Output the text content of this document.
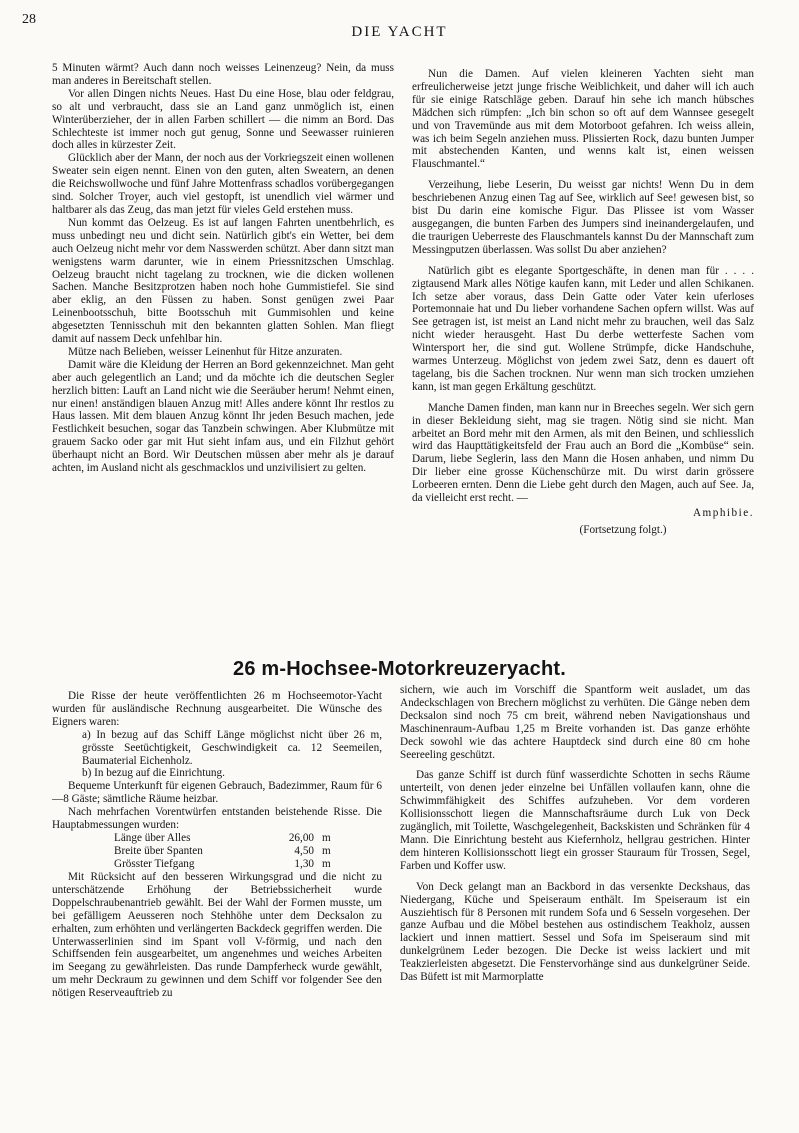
28
DIE YACHT

5 Minuten wärmt? Auch dann noch weisses Leinenzeug? Nein, da muss man anderes in Bereitschaft stellen.

Vor allen Dingen nichts Neues. Hast Du eine Hose, blau oder feldgrau, so alt und verbraucht, dass sie an Land ganz unmöglich ist, einen Winterüberzieher, der in allen Farben schillert — die nimm an Bord. Das Schlechteste ist immer noch gut genug, Sonne und Seewasser ruinieren doch alles in kürzester Zeit.

Glücklich aber der Mann, der noch aus der Vorkriegszeit einen wollenen Sweater sein eigen nennt. Einen von den guten, alten Sweatern, an denen die Reichswollwoche und fünf Jahre Mottenfrass schadlos vorübergegangen sind. Solcher Troyer, auch viel gestopft, ist unendlich viel wärmer und haltbarer als das Zeug, das man jetzt für vieles Geld erstehen muss.

Nun kommt das Oelzeug. Es ist auf langen Fahrten unentbehrlich, es muss unbedingt neu und dicht sein. Natürlich gibt's ein Wetter, bei dem auch Oelzeug nicht mehr vor dem Nasswerden schützt. Aber dann sitzt man wenigstens warm darunter, wie in einem Priessnitzschen Umschlag. Oelzeug braucht nicht tagelang zu trocknen, wie die dicken wollenen Sachen. Manche Besitzprotzen haben noch hohe Gummistiefel. Sie sind aber eklig, an den Füssen zu haben. Sonst genügen zwei Paar Leinenbootsschuh, bitte Bootsschuh mit Gummisohlen und keine abgesetzten Tennisschuh mit den bekannten glatten Sohlen. Man fliegt damit auf nassem Deck unfehlbar hin.

Mütze nach Belieben, weisser Leinenhut für Hitze anzuraten.

Damit wäre die Kleidung der Herren an Bord gekennzeichnet. Man geht aber auch gelegentlich an Land; und da möchte ich die deutschen Segler herzlich bitten: Lauft an Land nicht wie die Seeräuber herum! Nehmt einen, nur einen! anständigen blauen Anzug mit! Alles andere könnt Ihr restlos zu Haus lassen. Mit dem blauen Anzug könnt Ihr jeden Besuch machen, jede Festlichkeit besuchen, sogar das Tanzbein schwingen. Aber Klubmütze mit grauem Sacko oder gar mit Hut sieht infam aus, und ein Filzhut gehört überhaupt nicht an Bord. Wir Deutschen müssen aber mehr als je darauf achten, im Ausland nicht als geschmacklos und unzivilisiert zu gelten.

Nun die Damen. Auf vielen kleineren Yachten sieht man erfreulicherweise jetzt junge frische Weiblichkeit, und daher will ich auch für sie einige Ratschläge geben. Darauf hin sehe ich manch hübsches Mädchen sich rümpfen: „Ich bin schon so oft auf dem Wannsee gesegelt und von Travemünde aus mit dem Motorboot gefahren. Ich weiss allein, was ich beim Segeln anziehen muss. Plissierten Rock, dazu bunten Jumper mit abstechenden Kanten, und wenns kalt ist, einen weissen Flauschmantel.“

Verzeihung, liebe Leserin, Du weisst gar nichts! Wenn Du in dem beschriebenen Anzug einen Tag auf See, wirklich auf See! gewesen bist, so bist Du darin eine komische Figur. Das Plissee ist vom Wasser ausgegangen, die bunten Farben des Jumpers sind ineinandergelaufen, und die traurigen Ueberreste des Flauschmantels kannst Du der Mannschaft zum Messingputzen überlassen. Was sollst Du aber anziehen?

Natürlich gibt es elegante Sportgeschäfte, in denen man für . . . . zigtausend Mark alles Nötige kaufen kann, mit Leder und allen Schikanen. Ich setze aber voraus, dass Dein Gatte oder Vater kein uferloses Portemonnaie hat und Du lieber vorhandene Sachen opfern willst. Was auf See getragen ist, ist meist an Land nicht mehr zu brauchen, weil das Salz nicht wieder herausgeht. Hast Du derbe wetterfeste Sachen vom Wintersport her, die sind gut. Wollene Strümpfe, dicke Handschuhe, warmes Unterzeug. Möglichst von jedem zwei Satz, denn es dauert oft tagelang, bis die Sachen trocknen. Nur wenn man sich trocken umziehen kann, ist man gegen Erkältung geschützt.

Manche Damen finden, man kann nur in Breeches segeln. Wer sich gern in dieser Bekleidung sieht, mag sie tragen. Nötig sind sie nicht. Man arbeitet an Bord mehr mit den Armen, als mit den Beinen, und schliesslich wird das Haupttätigkeitsfeld der Frau auch an Bord die „Kombüse“ sein. Darum, liebe Seglerin, lass den Mann die Hosen anhaben, und nimm Du Dir lieber eine grosse Küchenschürze mit. Du wirst darin grössere Lorbeeren ernten. Denn die Liebe geht durch den Magen, auch auf See. Ja, da vielleicht erst recht. —

Amphibie.
(Fortsetzung folgt.)
26 m-Hochsee-Motorkreuzeryacht.

Die Risse der heute veröffentlichten 26 m Hochseemotor-Yacht wurden für ausländische Rechnung ausgearbeitet. Die Wünsche des Eigners waren:

a) In bezug auf das Schiff Länge möglichst nicht über 26 m, grösste Seetüchtigkeit, Geschwindigkeit ca. 12 Seemeilen, Baumaterial Eichenholz.

b) In bezug auf die Einrichtung.

Bequeme Unterkunft für eigenen Gebrauch, Badezimmer, Raum für 6—8 Gäste; sämtliche Räume heizbar.

Nach mehrfachen Vorentwürfen entstanden beistehende Risse. Die Hauptabmessungen wurden:

Länge über Alles	26,00 m
Breite über Spanten	4,50 m
Grösster Tiefgang	1,30 m

Mit Rücksicht auf den besseren Wirkungsgrad und die nicht zu unterschätzende Erhöhung der Betriebssicherheit wurde Doppelschraubenantrieb gewählt. Bei der Wahl der Formen musste, um bei gefälligem Aeusseren noch Stehhöhe unter dem Decksalon zu erhalten, zum erhöhten und verlängerten Backdeck gegriffen werden. Die Unterwasserlinien sind im Spant voll V-förmig, und nach den Schiffsenden fein ausgearbeitet, um angenehmes und weiches Arbeiten im Seegang zu gewährleisten. Das runde Dampferheck wurde gewählt, um mehr Deckraum zu gewinnen und dem Schiff vor folgender See den nötigen Reserveauftrieb zu

sichern, wie auch im Vorschiff die Spantform weit ausladet, um das Andeckschlagen von Brechern möglichst zu verhüten. Die Gänge neben dem Decksalon sind noch 75 cm breit, während neben Navigationshaus und Maschinenraum-Aufbau 1,25 m Breite vorhanden ist. Das ganze erhöhte Deck sowohl wie das achtere Hauptdeck sind durch eine 80 cm hohe Seereeling geschützt.

Das ganze Schiff ist durch fünf wasserdichte Schotten in sechs Räume unterteilt, von denen jeder einzelne bei Unfällen vollaufen kann, ohne die Schwimmfähigkeit des Schiffes aufzuheben. Vor dem vorderen Kollisionsschott liegen die Mannschaftsräume durch Luk von Deck zugänglich, mit Toilette, Waschgelegenheit, Backskisten und Schränken für 4 Mann. Die Einrichtung besteht aus Kiefernholz, hellgrau gestrichen. Hinter dem hinteren Kollisionsschott liegt ein grosser Stauraum für Trossen, Segel, Farben und Koffer usw.

Von Deck gelangt man an Backbord in das versenkte Deckshaus, das Niedergang, Küche und Speiseraum enthält. Im Speiseraum ist ein Ausziehtisch für 8 Personen mit rundem Sofa und 6 Sesseln vorgesehen. Der ganze Aufbau und die Möbel bestehen aus ostindischem Teakholz, aussen lackiert und innen mattiert. Sessel und Sofa im Speiseraum sind mit dunkelgrünem Leder bezogen. Die Decke ist weiss lackiert und mit Teakzierleisten abgesetzt. Die Fenstervorhänge sind aus dunkelgrüner Seide. Das Büfett ist mit Marmorplatte
